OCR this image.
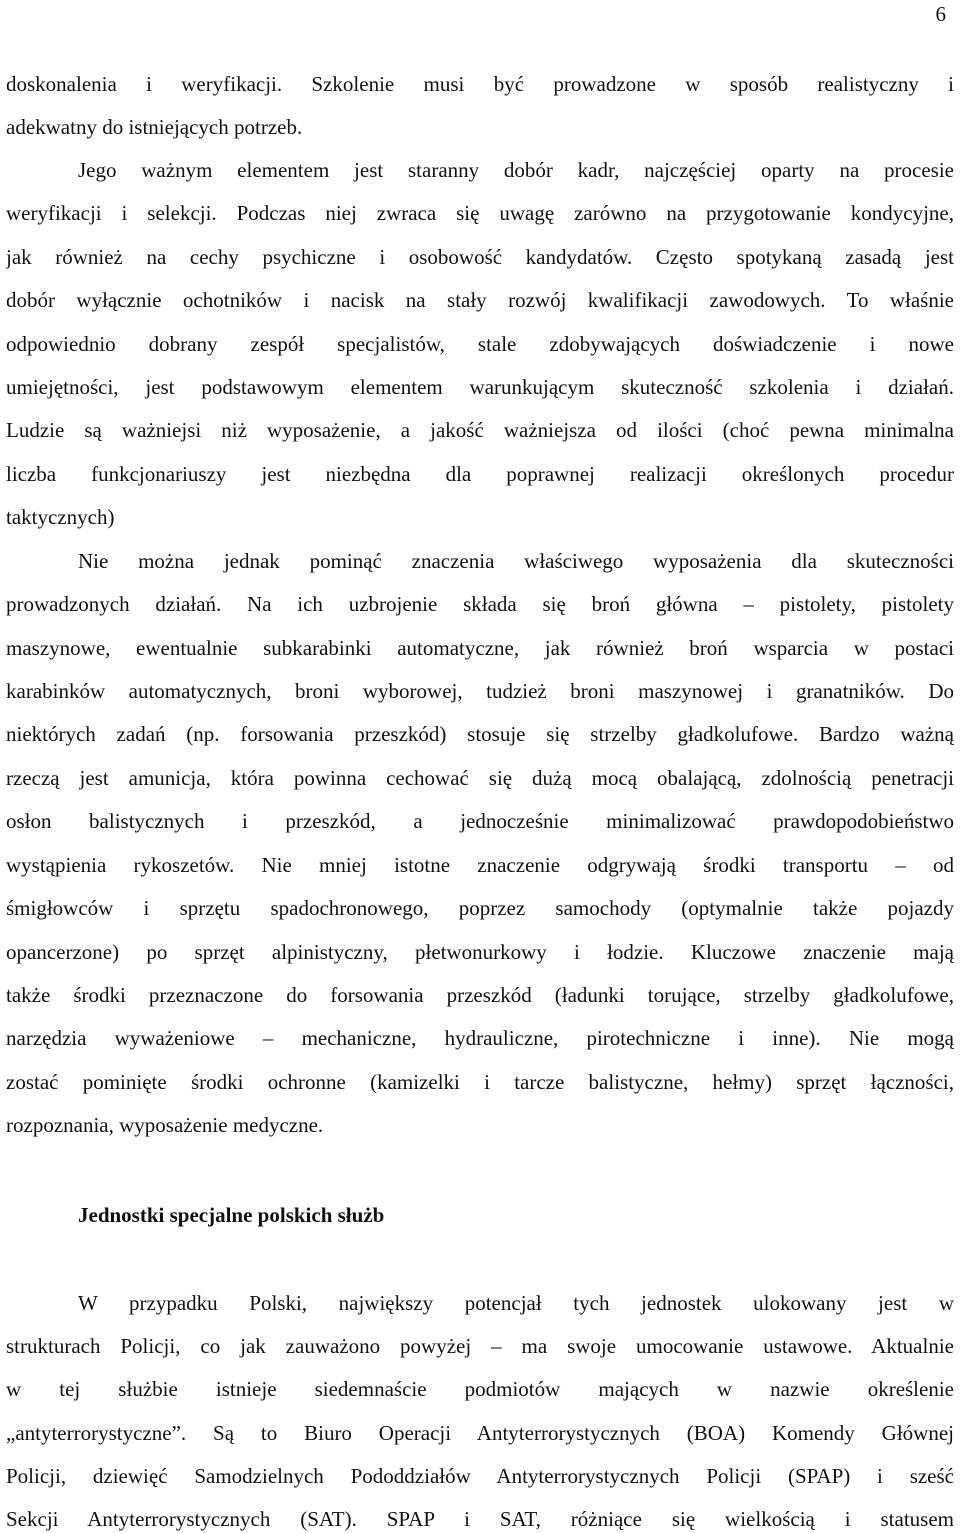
6
doskonalenia i weryfikacji. Szkolenie musi być prowadzone w sposób realistyczny i
adekwatny do istniejących potrzeb.
Jego ważnym elementem jest staranny dobór kadr, najczęściej oparty na procesie
weryfikacji i selekcji. Podczas niej zwraca się uwagę zarówno na przygotowanie kondycyjne,
jak również na cechy psychiczne i osobowość kandydatów. Często spotykaną zasadą jest
dobór wyłącznie ochotników i nacisk na stały rozwój kwalifikacji zawodowych. To właśnie
odpowiednio dobrany zespół specjalistów, stale zdobywających doświadczenie i nowe
umiejętności, jest podstawowym elementem warunkującym skuteczność szkolenia i działań.
Ludzie są ważniejsi niż wyposażenie, a jakość ważniejsza od ilości (choć pewna minimalna
liczba funkcjonariuszy jest niezbędna dla poprawnej realizacji określonych procedur
taktycznych)
Nie można jednak pominąć znaczenia właściwego wyposażenia dla skuteczności
prowadzonych działań. Na ich uzbrojenie składa się broń główna – pistolety, pistolety
maszynowe, ewentualnie subkarabinki automatyczne, jak również broń wsparcia w postaci
karabinków automatycznych, broni wyborowej, tudzież broni maszynowej i granatników. Do
niektórych zadań (np. forsowania przeszkód) stosuje się strzelby gładkolufowe. Bardzo ważną
rzeczą jest amunicja, która powinna cechować się dużą mocą obalającą, zdolnością penetracji
osłon balistycznych i przeszkód, a jednocześnie minimalizować prawdopodobieństwo
wystąpienia rykoszetów. Nie mniej istotne znaczenie odgrywają środki transportu – od
śmigłowców i sprzętu spadochronowego, poprzez samochody (optymalnie także pojazdy
opancerzone) po sprzęt alpinistyczny, płetwonurkowy i łodzie. Kluczowe znaczenie mają
także środki przeznaczone do forsowania przeszkód (ładunki torujące, strzelby gładkolufowe,
narzędzia wyważeniowe – mechaniczne, hydrauliczne, pirotechniczne i inne). Nie mogą
zostać pominięte środki ochronne (kamizelki i tarcze balistyczne, hełmy) sprzęt łączności,
rozpoznania, wyposażenie medyczne.
Jednostki specjalne polskich służb
W przypadku Polski, największy potencjał tych jednostek ulokowany jest w
strukturach Policji, co jak zauważono powyżej – ma swoje umocowanie ustawowe. Aktualnie
w tej służbie istnieje siedemnaście podmiotów mających w nazwie określenie
„antyterrorystyczne”. Są to Biuro Operacji Antyterrorystycznych (BOA) Komendy Głównej
Policji, dziewięć Samodzielnych Pododdziałów Antyterrorystycznych Policji (SPAP) i sześć
Sekcji Antyterrorystycznych (SAT). SPAP i SAT, różniące się wielkością i statusem
